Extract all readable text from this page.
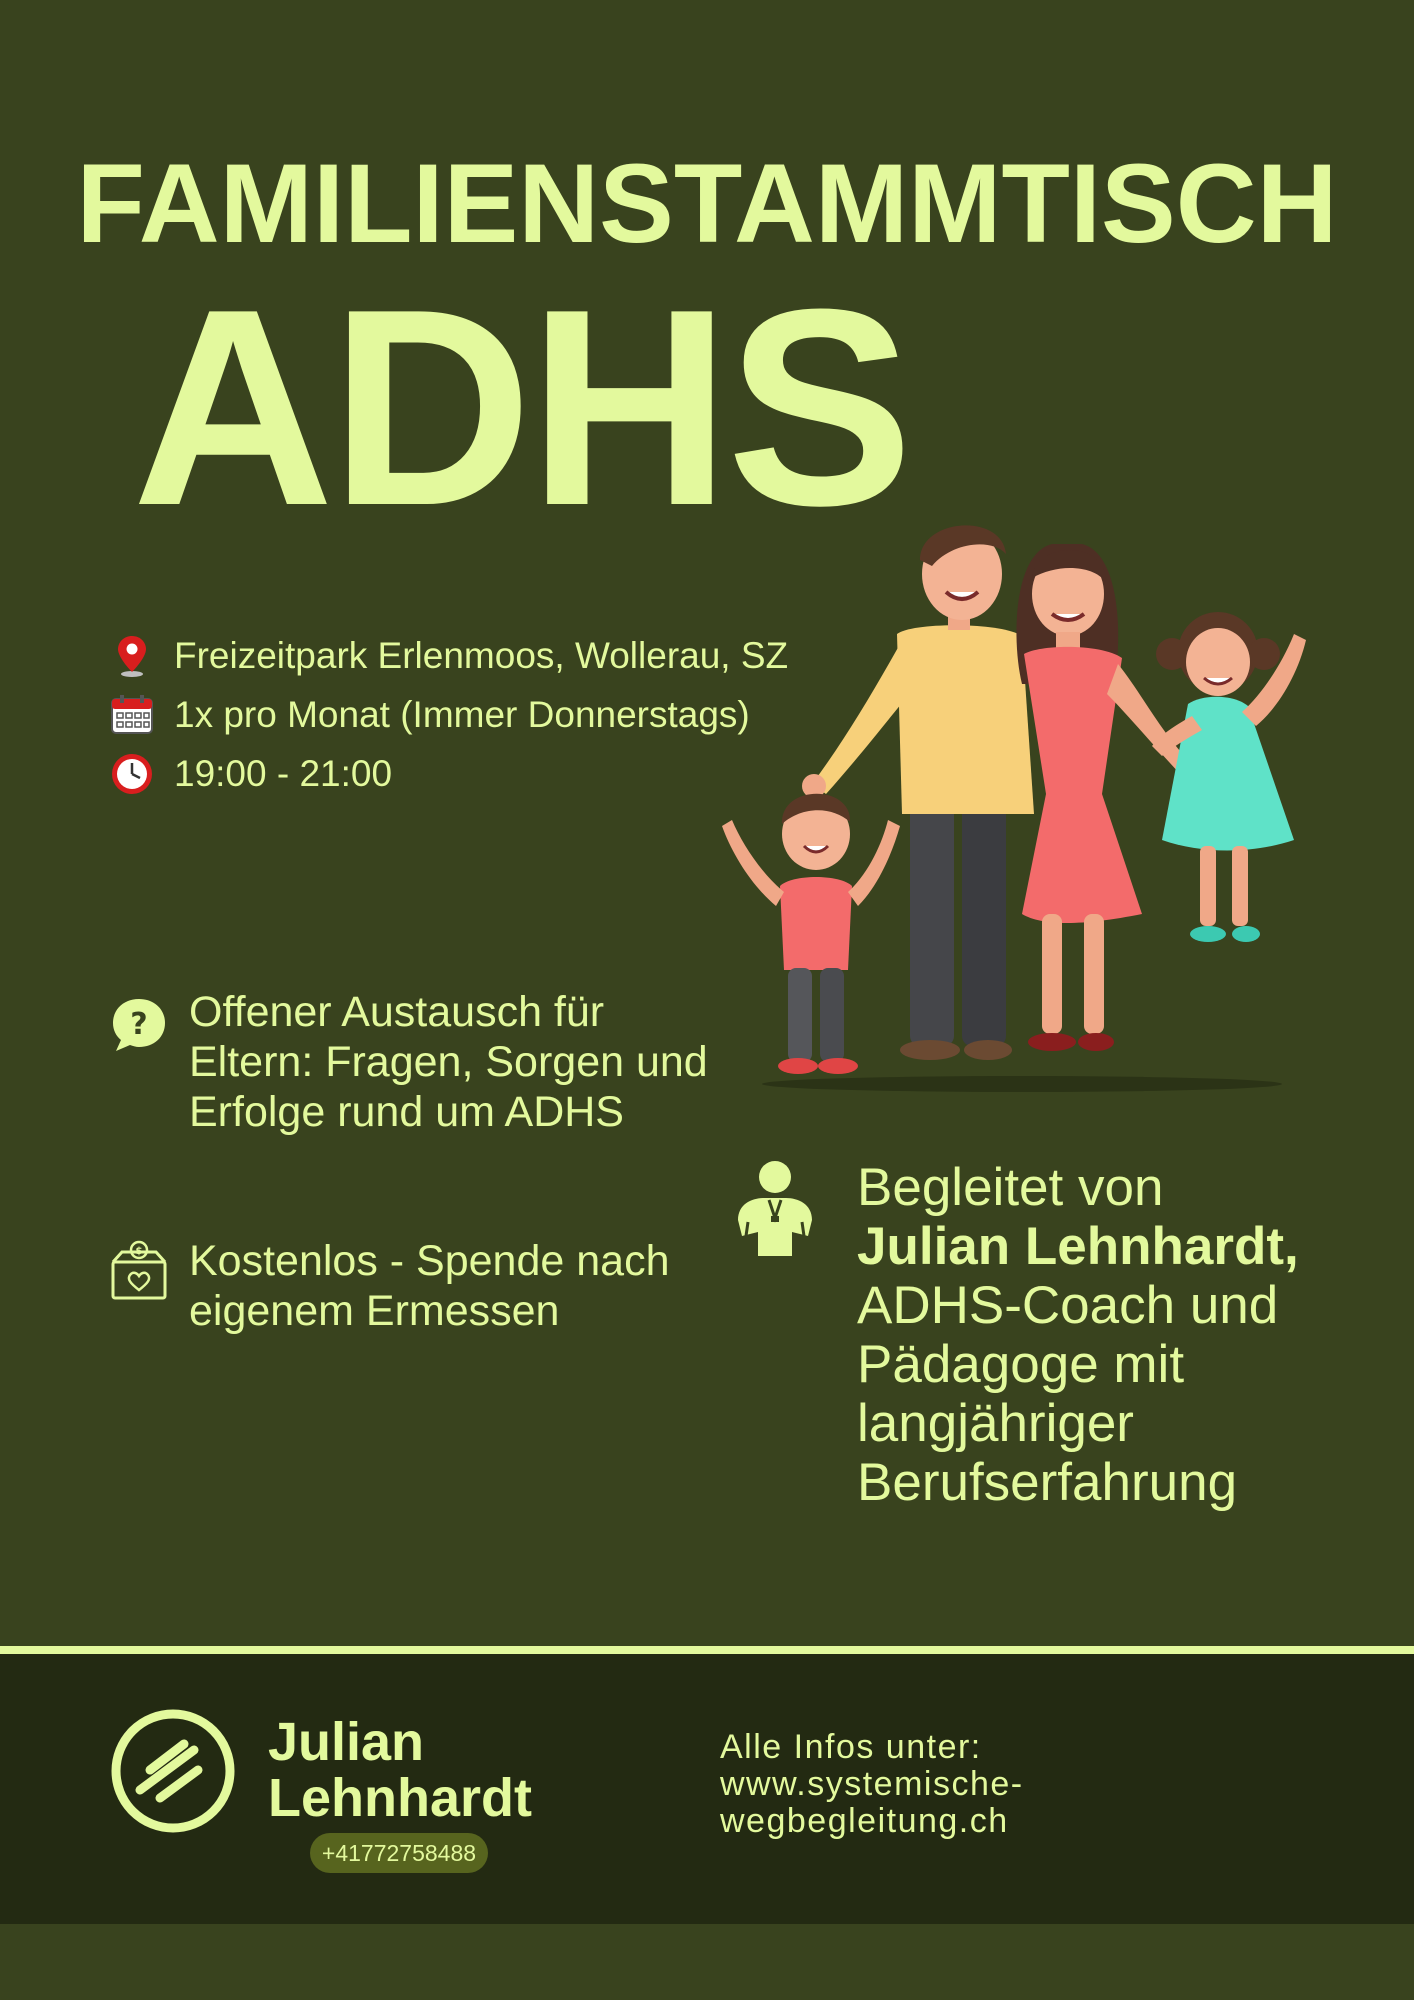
FAMILIENSTAMMTISCH
ADHS
Freizeitpark Erlenmoos, Wollerau, SZ
1x pro Monat (Immer Donnerstags)
19:00 - 21:00
? Offener Austausch für Eltern: Fragen, Sorgen und Erfolge rund um ADHS
$ Kostenlos - Spende nach eigenem Ermessen
Begleitet von
Julian Lehnhardt,
ADHS-Coach und Pädagoge mit langjähriger Berufserfahrung
Julian
Lehnhardt
+41772758488
Alle Infos unter:
www.systemische-
wegbegleitung.ch
